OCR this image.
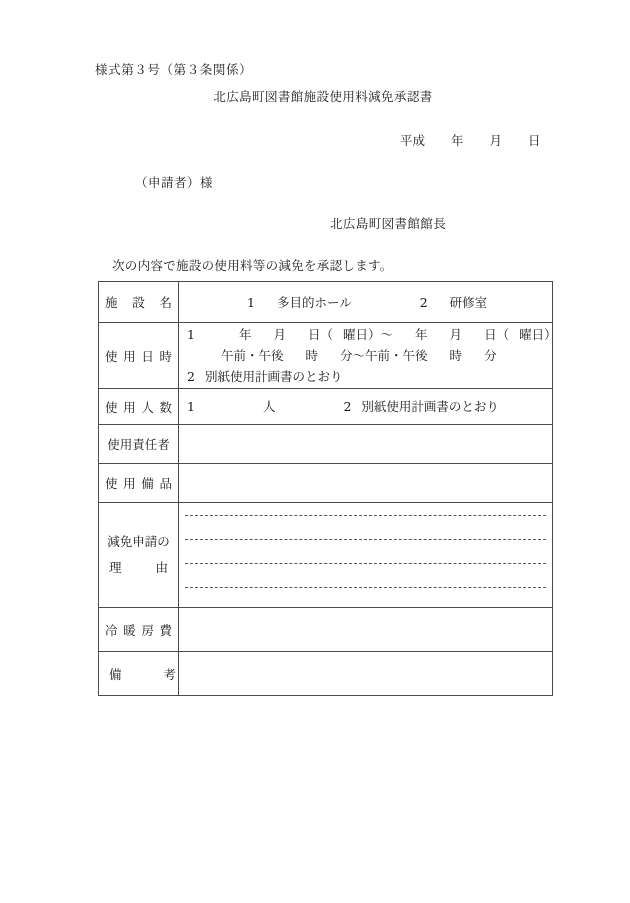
様式第３号（第３条関係）
北広島町図書館施設使用料減免承認書
平成 年 月 日
（申請者）様
北広島町図書館館長
次の内容で施設の使用料等の減免を承認します。
施 設 名	1 多目的ホール 2 研修室

使 用 日 時	1 年 月 日（ 曜日）～ 年 月 日（ 曜日）
午前・午後 時 分～午前・午後 時 分
2 別紙使用計画書のとおり

使 用 人 数	1 人 2 別紙使用計画書のとおり

使用責任者	

使 用 備 品	

減免申請の
理 由	

冷 暖 房 費	

備 考	
